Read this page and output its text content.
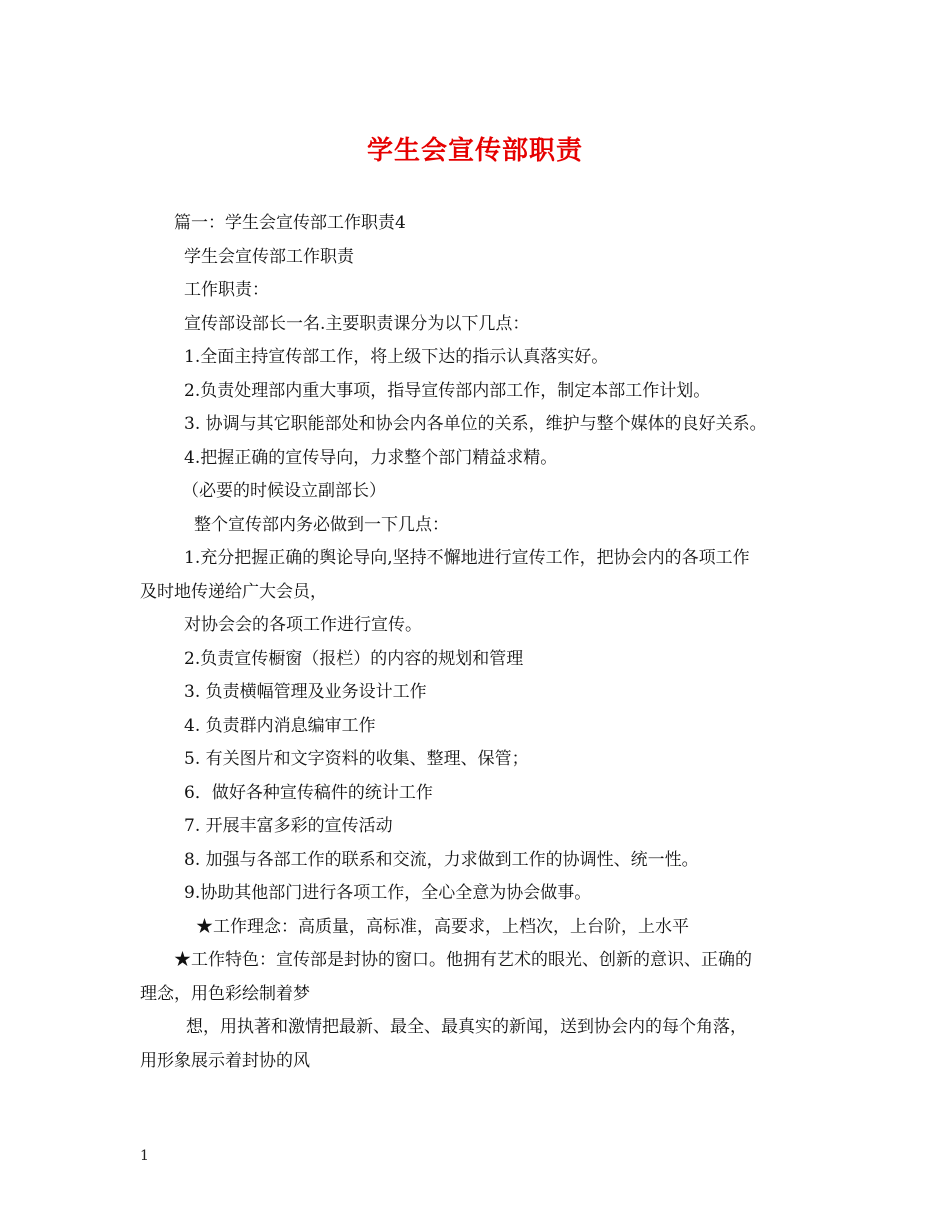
学生会宣传部职责
篇一：学生会宣传部工作职责4
学生会宣传部工作职责
工作职责：
宣传部设部长一名.主要职责课分为以下几点：
1.全面主持宣传部工作，将上级下达的指示认真落实好。
2.负责处理部内重大事项，指导宣传部内部工作，制定本部工作计划。
3. 协调与其它职能部处和协会内各单位的关系，维护与整个媒体的良好关系。
4.把握正确的宣传导向，力求整个部门精益求精。
（必要的时候设立副部长）
整个宣传部内务必做到一下几点：
1.充分把握正确的舆论导向,坚持不懈地进行宣传工作，把协会内的各项工作
及时地传递给广大会员，
对协会会的各项工作进行宣传。
2.负责宣传橱窗（报栏）的内容的规划和管理
3. 负责横幅管理及业务设计工作
4. 负责群内消息编审工作
5. 有关图片和文字资料的收集、整理、保管；
6．做好各种宣传稿件的统计工作
7. 开展丰富多彩的宣传活动
8. 加强与各部工作的联系和交流，力求做到工作的协调性、统一性。
9.协助其他部门进行各项工作，全心全意为协会做事。
★工作理念：高质量，高标准，高要求，上档次，上台阶，上水平
★工作特色：宣传部是封协的窗口。他拥有艺术的眼光、创新的意识、正确的
理念，用色彩绘制着梦
想，用执著和激情把最新、最全、最真实的新闻，送到协会内的每个角落，
用形象展示着封协的风
1
